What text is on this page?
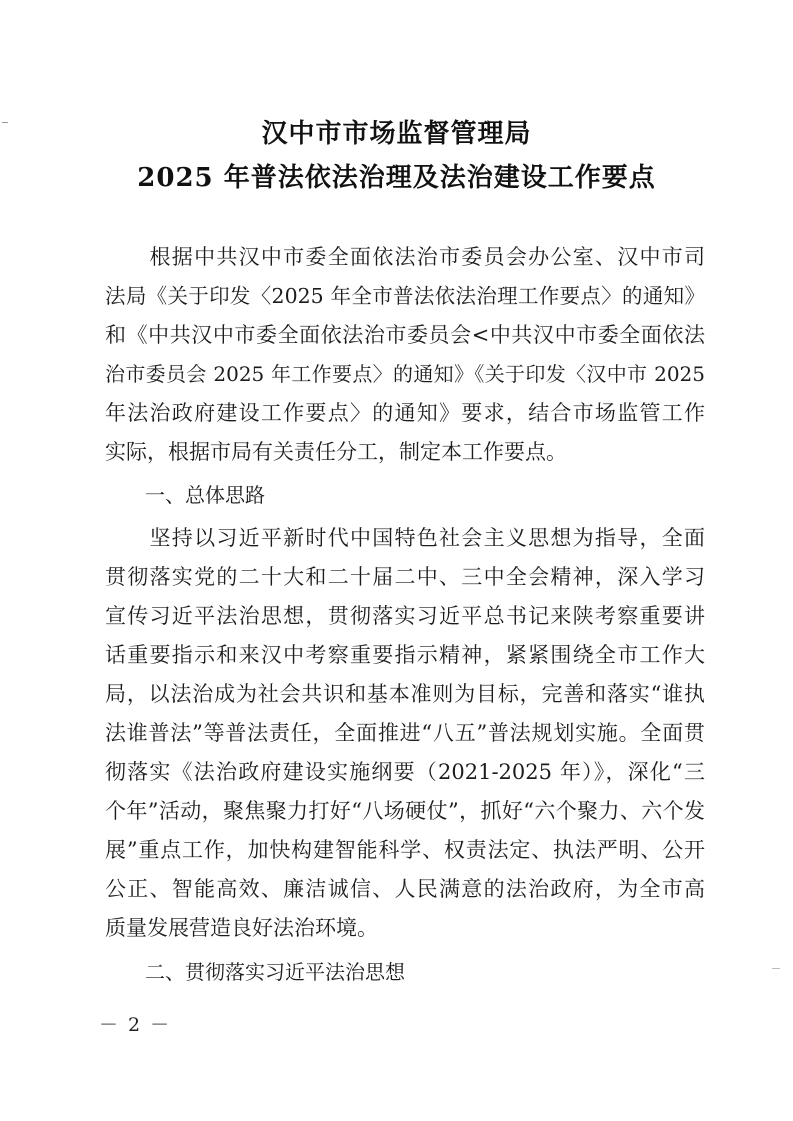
汉中市市场监督管理局
2025 年普法依法治理及法治建设工作要点
　　根据中共汉中市委全面依法治市委员会办公室、汉中市司
法局《关于印发〈2025 年全市普法依法治理工作要点〉的通知》
和《中共汉中市委全面依法治市委员会<中共汉中市委全面依法
治市委员会 2025 年工作要点〉的通知》《关于印发〈汉中市 2025
年法治政府建设工作要点〉的通知》要求，结合市场监管工作
实际，根据市局有关责任分工，制定本工作要点。
　　一、总体思路
　　坚持以习近平新时代中国特色社会主义思想为指导，全面
贯彻落实党的二十大和二十届二中、三中全会精神，深入学习
宣传习近平法治思想，贯彻落实习近平总书记来陕考察重要讲
话重要指示和来汉中考察重要指示精神，紧紧围绕全市工作大
局，以法治成为社会共识和基本准则为目标，完善和落实“谁执
法谁普法”等普法责任，全面推进“八五”普法规划实施。全面贯
彻落实《法治政府建设实施纲要（2021-2025 年）》，深化“三
个年”活动，聚焦聚力打好“八场硬仗”，抓好“六个聚力、六个发
展”重点工作，加快构建智能科学、权责法定、执法严明、公开
公正、智能高效、廉洁诚信、人民满意的法治政府，为全市高
质量发展营造良好法治环境。
　　二、贯彻落实习近平法治思想
－ 2 －
